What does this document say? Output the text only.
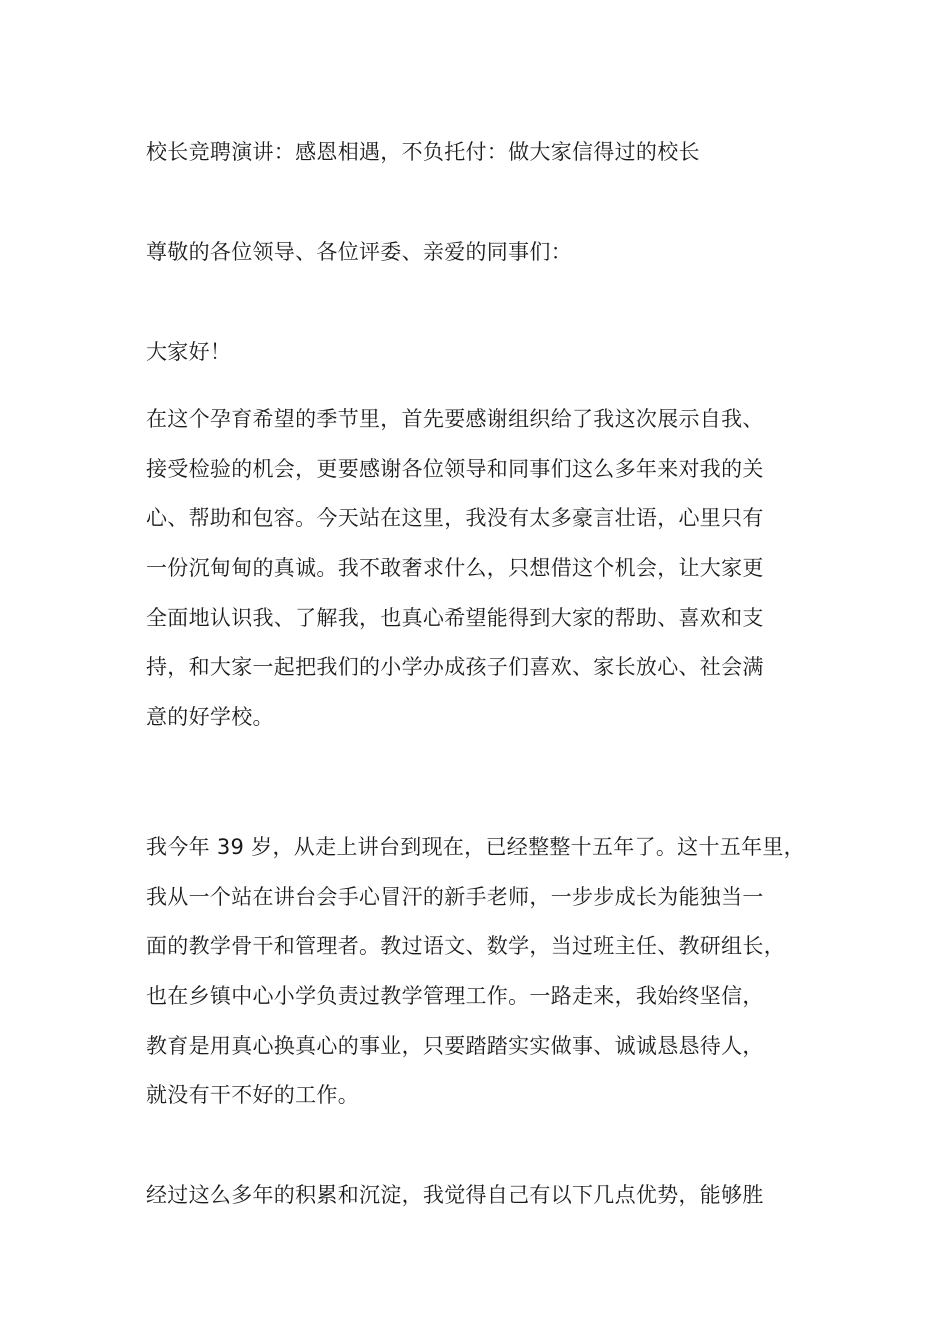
校长竞聘演讲：感恩相遇，不负托付：做大家信得过的校长
尊敬的各位领导、各位评委、亲爱的同事们：
大家好！
在这个孕育希望的季节里，首先要感谢组织给了我这次展示自我、
接受检验的机会，更要感谢各位领导和同事们这么多年来对我的关
心、帮助和包容。今天站在这里，我没有太多豪言壮语，心里只有
一份沉甸甸的真诚。我不敢奢求什么，只想借这个机会，让大家更
全面地认识我、了解我，也真心希望能得到大家的帮助、喜欢和支
持，和大家一起把我们的小学办成孩子们喜欢、家长放心、社会满
意的好学校。
我今年 39 岁，从走上讲台到现在，已经整整十五年了。这十五年里，
我从一个站在讲台会手心冒汗的新手老师，一步步成长为能独当一
面的教学骨干和管理者。教过语文、数学，当过班主任、教研组长，
也在乡镇中心小学负责过教学管理工作。一路走来，我始终坚信，
教育是用真心换真心的事业，只要踏踏实实做事、诚诚恳恳待人，
就没有干不好的工作。
经过这么多年的积累和沉淀，我觉得自己有以下几点优势，能够胜
